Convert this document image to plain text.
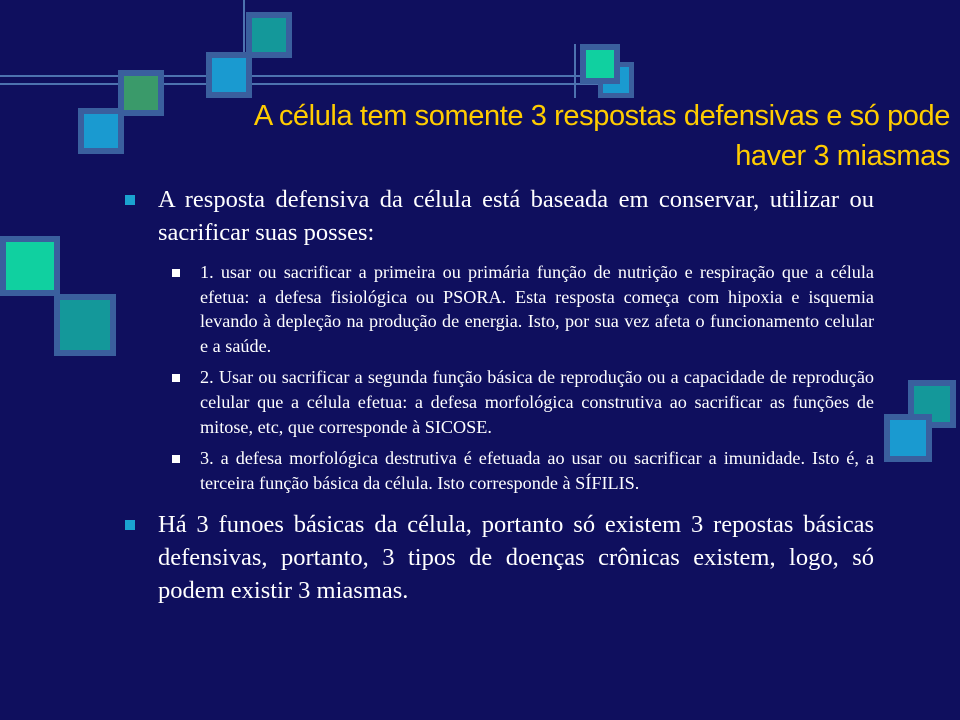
A célula tem somente 3 respostas defensivas e só pode haver 3 miasmas
A resposta defensiva da célula está baseada em conservar, utilizar ou sacrificar suas posses:
1. usar ou sacrificar a primeira ou primária função de nutrição e respiração que a célula efetua: a defesa fisiológica ou PSORA. Esta resposta começa com hipoxia e isquemia levando à depleção na produção de energia. Isto, por sua vez afeta o funcionamento celular e a saúde.
2. Usar ou sacrificar a segunda função básica de reprodução ou a capacidade de reprodução celular que a célula efetua: a defesa morfológica construtiva ao sacrificar as funções de mitose, etc, que corresponde à SICOSE.
3. a defesa morfológica destrutiva é efetuada ao usar ou sacrificar a imunidade. Isto é, a terceira função básica da célula. Isto corresponde à SÍFILIS.
Há 3 funoes básicas da célula, portanto só existem 3 repostas básicas defensivas, portanto, 3 tipos de doenças crônicas existem, logo, só podem existir 3 miasmas.
